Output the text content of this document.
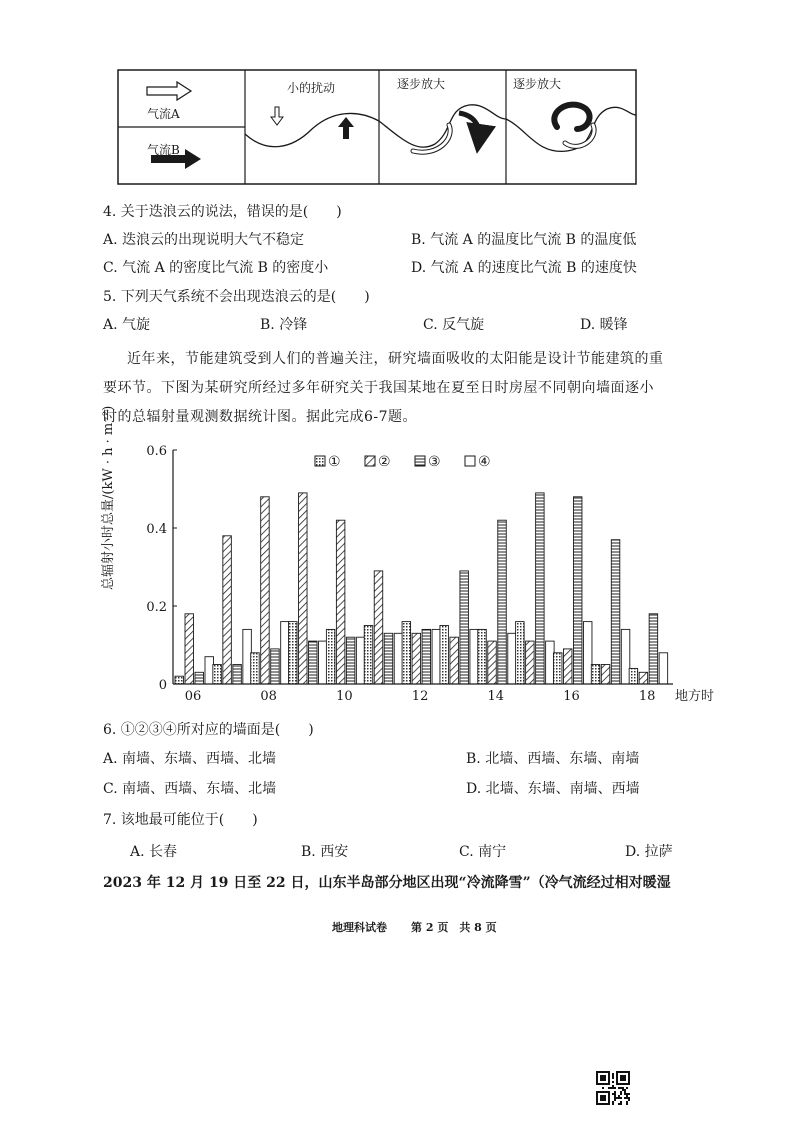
小的扰动	逐步放大	逐步放大
气流A
气流B
4. 关于迭浪云的说法，错误的是(　　)
A. 迭浪云的出现说明大气不稳定	B. 气流 A 的温度比气流 B 的温度低
C. 气流 A 的密度比气流 B 的密度小	D. 气流 A 的速度比气流 B 的速度快
5. 下列天气系统不会出现迭浪云的是(　　)
A. 气旋	B. 冷锋	C. 反气旋	D. 暖锋
近年来，节能建筑受到人们的普遍关注，研究墙面吸收的太阳能是设计节能建筑的重
要环节。下图为某研究所经过多年研究关于我国某地在夏至日时房屋不同朝向墙面逐小
时的总辐射量观测数据统计图。据此完成6-7题。
0
0.2
0.4
0.6
06	08	10	12	14	16	18 地方时
①	②	③	④
总辐射小时总量/(kW · h · m⁻²)
6. ①②③④所对应的墙面是(　　)
A. 南墙、东墙、西墙、北墙	B. 北墙、西墙、东墙、南墙
C. 南墙、西墙、东墙、北墙	D. 北墙、东墙、南墙、西墙
7. 该地最可能位于(　　)
A. 长春	B. 西安	C. 南宁	D. 拉萨
2023 年 12 月 19 日至 22 日，山东半岛部分地区出现“冷流降雪”（冷气流经过相对暖湿
地理科试卷 第 2 页　共 8 页
